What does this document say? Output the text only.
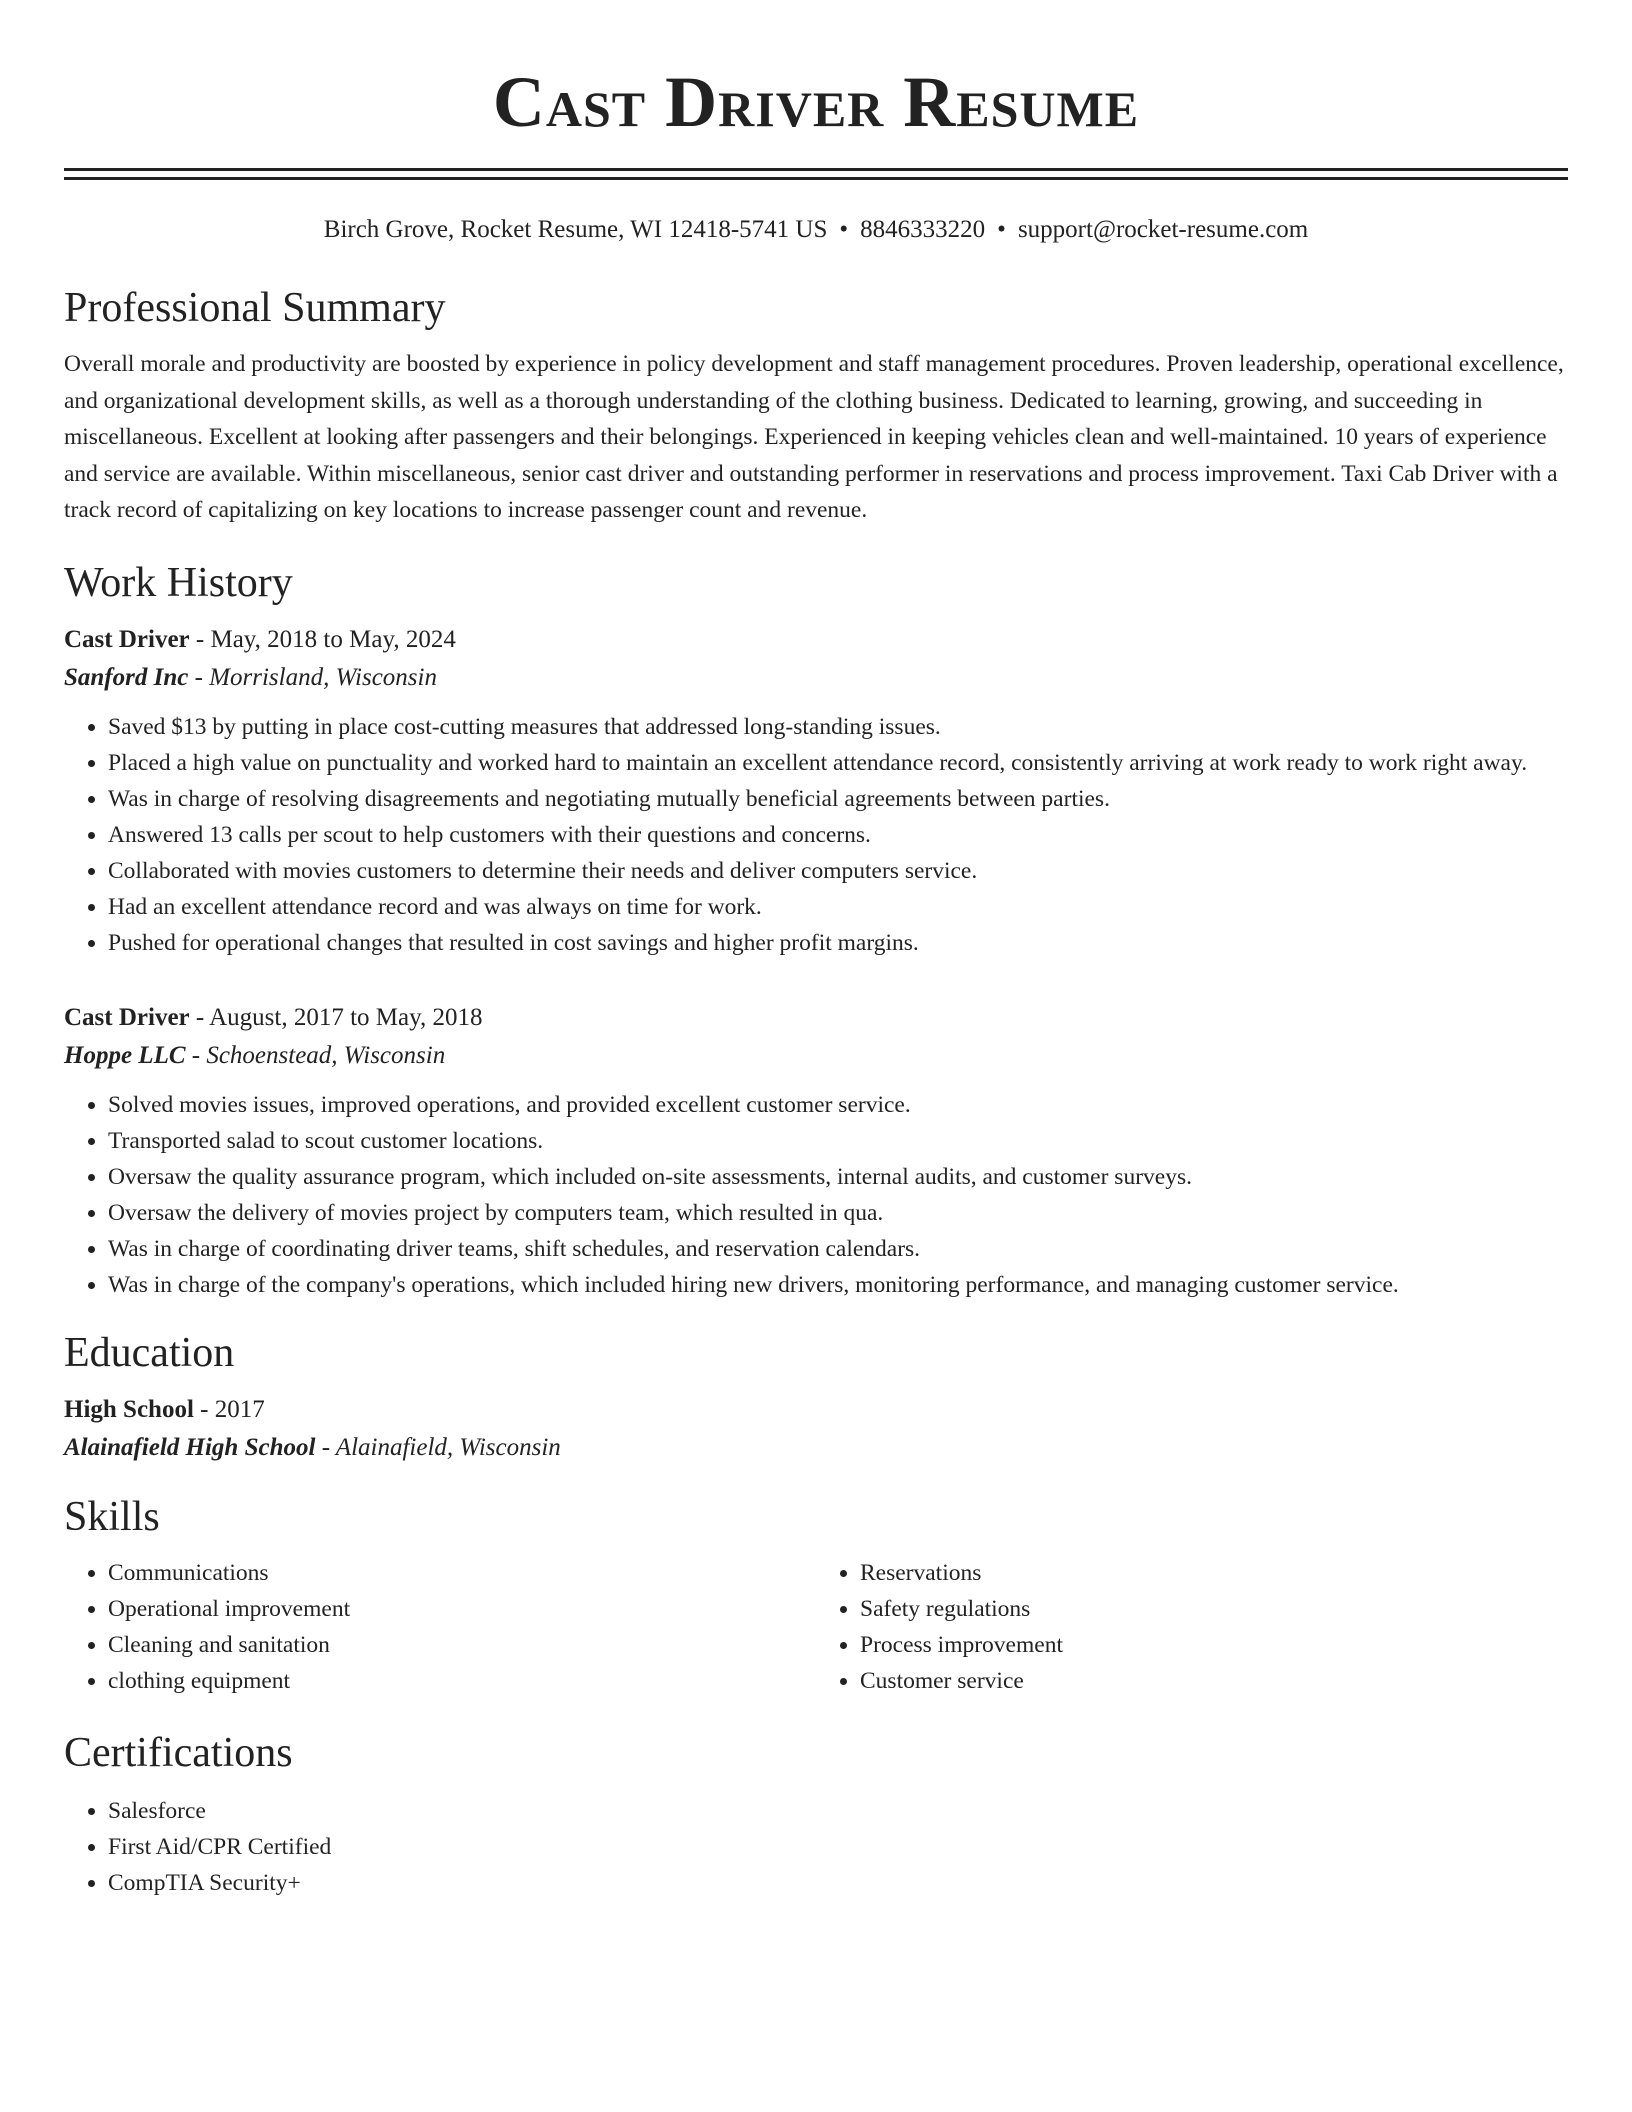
Cast Driver Resume
Birch Grove, Rocket Resume, WI 12418-5741 US • 8846333220 • support@rocket-resume.com
Professional Summary

Overall morale and productivity are boosted by experience in policy development and staff management procedures. Proven leadership, operational excellence, and organizational development skills, as well as a thorough understanding of the clothing business. Dedicated to learning, growing, and succeeding in miscellaneous. Excellent at looking after passengers and their belongings. Experienced in keeping vehicles clean and well-maintained. 10 years of experience and service are available. Within miscellaneous, senior cast driver and outstanding performer in reservations and process improvement. Taxi Cab Driver with a track record of capitalizing on key locations to increase passenger count and revenue.

Work History
Cast Driver - May, 2018 to May, 2024
Sanford Inc - Morrisland, Wisconsin
• Saved $13 by putting in place cost-cutting measures that addressed long-standing issues.
• Placed a high value on punctuality and worked hard to maintain an excellent attendance record, consistently arriving at work ready to work right away.
• Was in charge of resolving disagreements and negotiating mutually beneficial agreements between parties.
• Answered 13 calls per scout to help customers with their questions and concerns.
• Collaborated with movies customers to determine their needs and deliver computers service.
• Had an excellent attendance record and was always on time for work.
• Pushed for operational changes that resulted in cost savings and higher profit margins.
Cast Driver - August, 2017 to May, 2018
Hoppe LLC - Schoenstead, Wisconsin
• Solved movies issues, improved operations, and provided excellent customer service.
• Transported salad to scout customer locations.
• Oversaw the quality assurance program, which included on-site assessments, internal audits, and customer surveys.
• Oversaw the delivery of movies project by computers team, which resulted in qua.
• Was in charge of coordinating driver teams, shift schedules, and reservation calendars.
• Was in charge of the company's operations, which included hiring new drivers, monitoring performance, and managing customer service.
Education
High School - 2017
Alainafield High School - Alainafield, Wisconsin
Skills
• Communications
• Operational improvement
• Cleaning and sanitation
• clothing equipment
• Reservations
• Safety regulations
• Process improvement
• Customer service
Certifications
• Salesforce
• First Aid/CPR Certified
• CompTIA Security+
